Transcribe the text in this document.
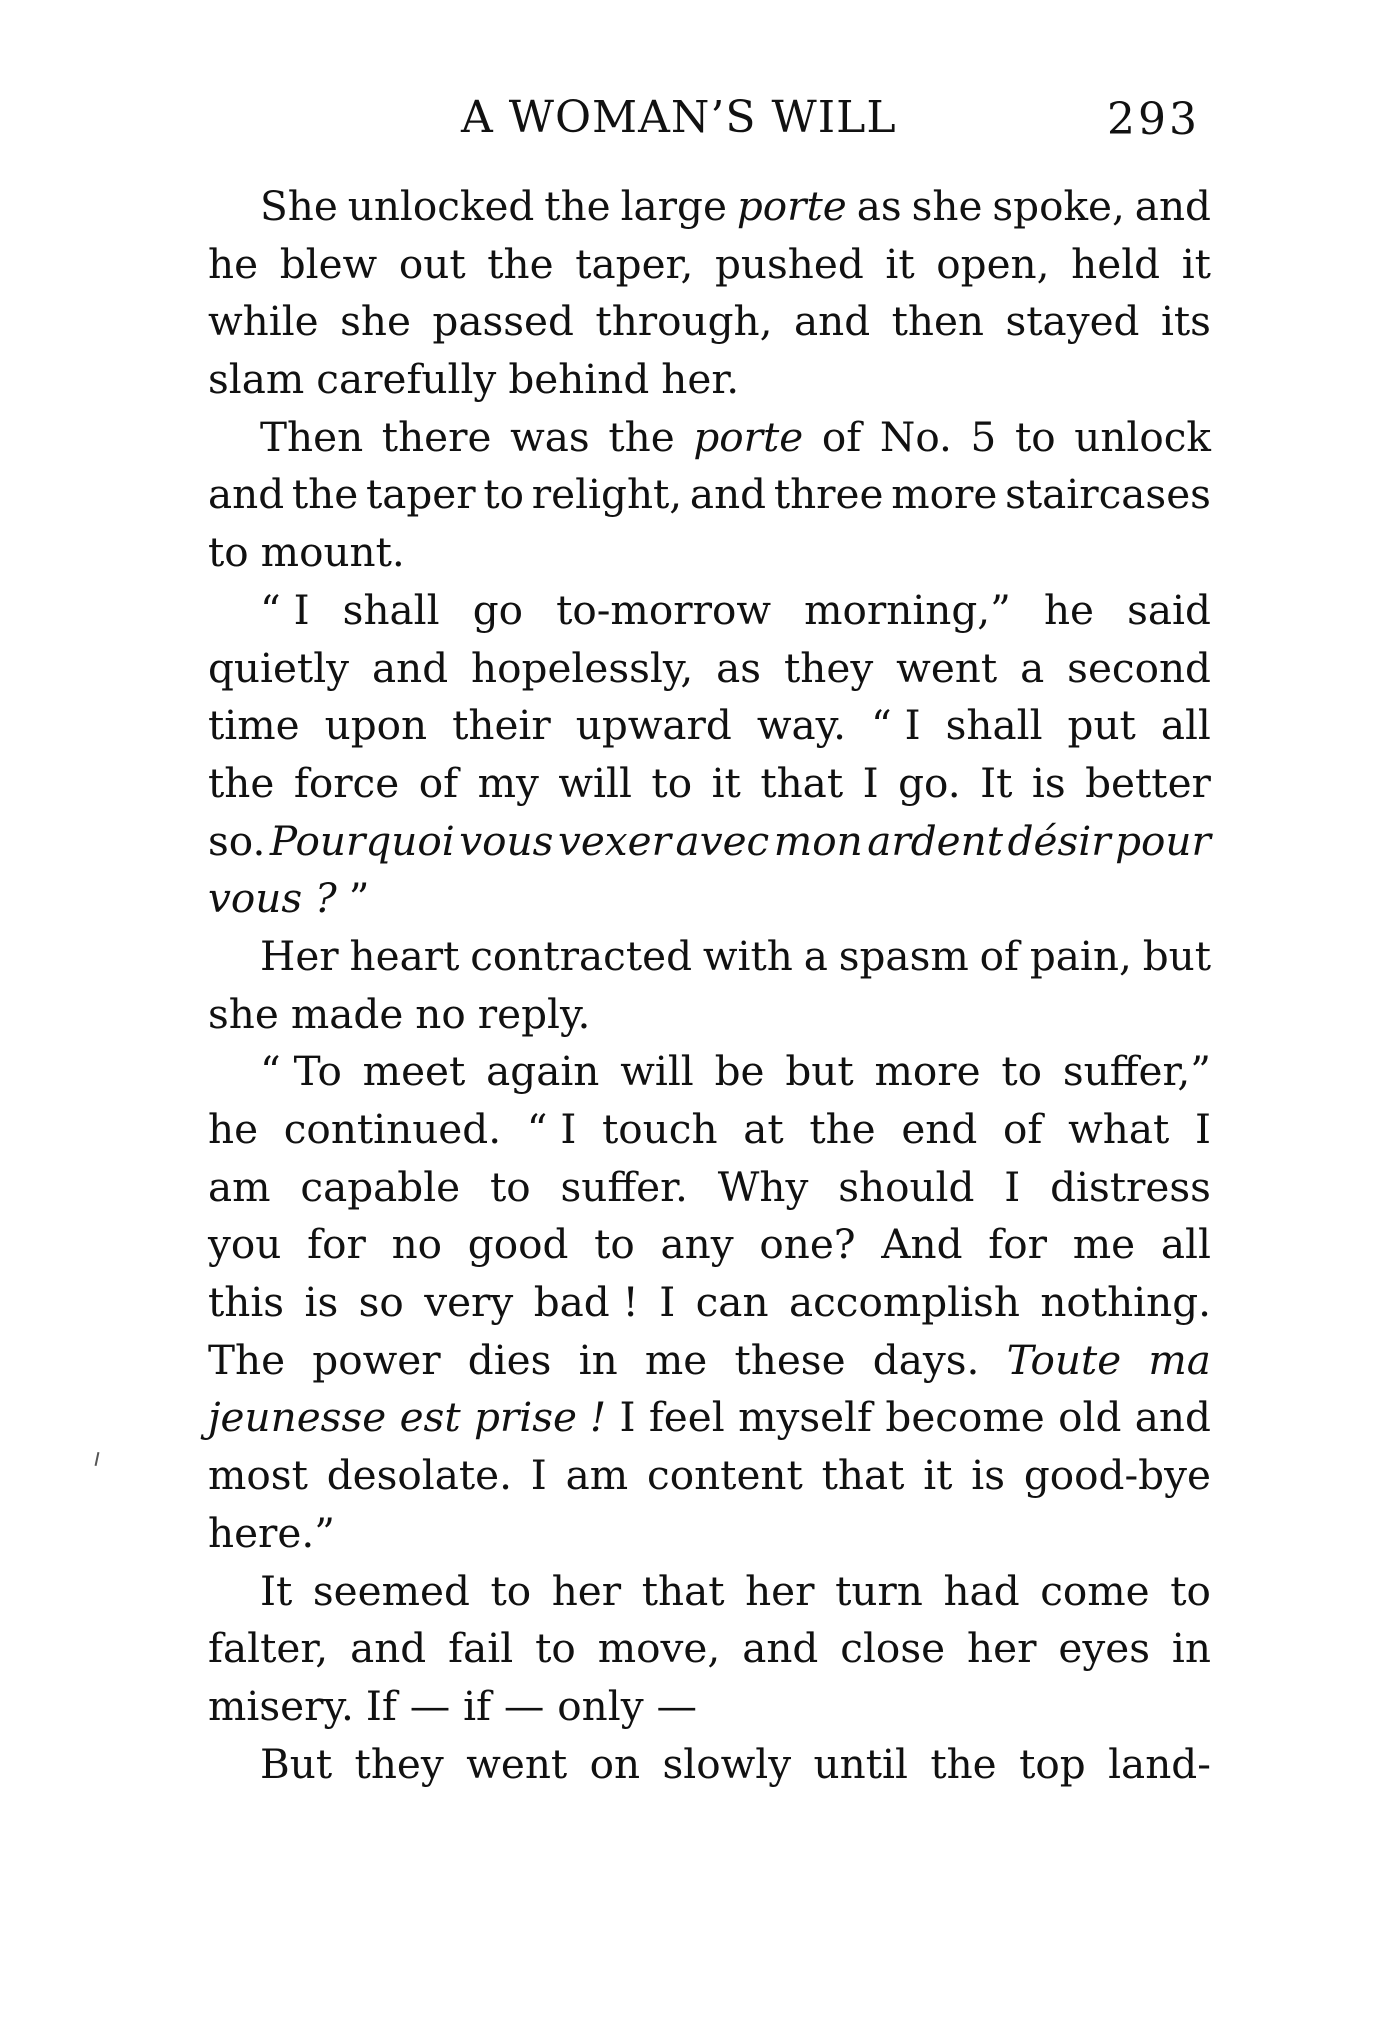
A WOMAN’S WILL	293
She unlocked the large porte as she spoke, and
he blew out the taper, pushed it open, held it
while she passed through, and then stayed its
slam carefully behind her.
Then there was the porte of No. 5 to unlock
and the taper to relight, and three more staircases
to mount.
“ I shall go to-morrow morning,” he said
quietly and hopelessly, as they went a second
time upon their upward way. “ I shall put all
the force of my will to it that I go. It is better
so. Pourquoi vous vexer avec mon ardent désir pour
vous ? ”
Her heart contracted with a spasm of pain, but
she made no reply.
“ To meet again will be but more to suffer,”
he continued. “ I touch at the end of what I
am capable to suffer. Why should I distress
you for no good to any one? And for me all
this is so very bad ! I can accomplish nothing.
The power dies in me these days. Toute ma
jeunesse est prise ! I feel myself become old and
most desolate. I am content that it is good-bye
here.”
It seemed to her that her turn had come to
falter, and fail to move, and close her eyes in
misery. If — if — only —
But they went on slowly until the top land-
